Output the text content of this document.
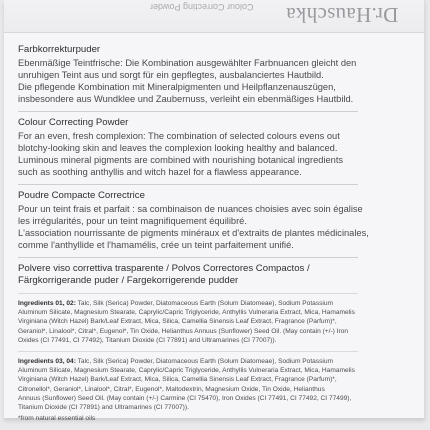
Dr.Hauschka
Colour Correcting Powder

Farbkorrekturpuder

Ebenmäßige Teintfrische: Die Kombination ausgewählter Farbnuancen gleicht den
unruhigen Teint aus und sorgt für ein gepflegtes, ausbalanciertes Hautbild.
Die pflegende Kombination mit Mineralpigmenten und Heilpflanzenauszügen,
insbesondere aus Wundklee und Zaubernuss, verleiht ein ebenmäßiges Hautbild.

Colour Correcting Powder

For an even, fresh complexion: The combination of selected colours evens out
blotchy-looking skin and leaves the complexion looking healthy and balanced.
Luminous mineral pigments are combined with nourishing botanical ingredients
such as soothing anthyllis and witch hazel for a flawless appearance.

Poudre Compacte Correctrice

Pour un teint frais et parfait : sa combinaison de nuances choisies avec soin égalise
les irrégularités, pour un teint magnifiquement équilibré.
L'association nourrissante de pigments minéraux et d'extraits de plantes médicinales,
comme l'anthyllide et l'hamamélis, crée un teint parfaitement unifié.

Polvere viso correttiva trasparente / Polvos Correctores Compactos /

Färgkorrigerande puder / Fargekorrigerende pudder

Ingredients 01, 02: Talc, Silk (Serica) Powder, Diatomaceous Earth (Solum Diatomeae), Sodium Potassium
Aluminum Silicate, Magnesium Stearate, Caprylic/Capric Triglyceride, Anthyllis Vulneraria Extract, Mica, Hamamelis
Virginiana (Witch Hazel) Bark/Leaf Extract, Mica, Silica, Camellia Sinensis Leaf Extract, Fragrance (Parfum)*,
Geraniol*, Linalool*, Citral*, Eugenol*, Tin Oxide, Helianthus Annuus (Sunflower) Seed Oil. (May contain (+/-) Iron
Oxides (CI 77491, CI 77492), Titanium Dioxide (CI 77891) and Ultramarines (CI 77007)).

Ingredients 03, 04: Talc, Silk (Serica) Powder, Diatomaceous Earth (Solum Diatomeae), Sodium Potassium
Aluminum Silicate, Magnesium Stearate, Caprylic/Capric Triglyceride, Anthyllis Vulneraria Extract, Mica, Hamamelis
Virginiana (Witch Hazel) Bark/Leaf Extract, Mica, Silica, Camellia Sinensis Leaf Extract, Fragrance (Parfum)*,
Citronellol*, Geraniol*, Linalool*, Citral*, Eugenol*, Maltodextrin, Magnesium Oxide, Tin Oxide, Helianthus
Annuus (Sunflower) Seed Oil. (May contain (+/-) Carmine (CI 75470), Iron Oxides (CI 77491, CI 77492, CI 77499),
Titanium Dioxide (CI 77891) and Ultramarines (CI 77007)).

*from natural essential oils
